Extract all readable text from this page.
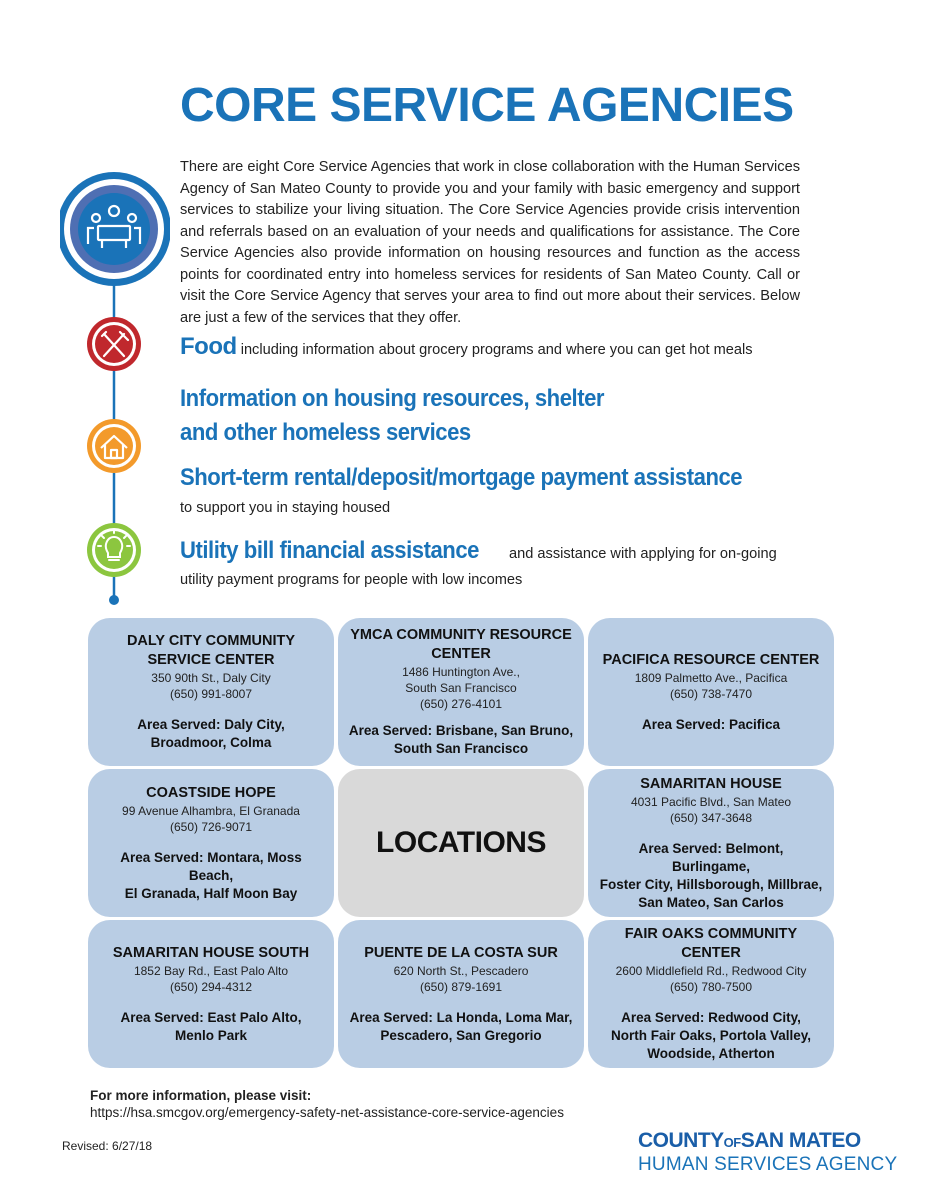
CORE SERVICE AGENCIES

There are eight Core Service Agencies that work in close collaboration with the Human Services Agency of San Mateo County to provide you and your family with basic emergency and support services to stabilize your living situation. The Core Service Agencies provide crisis intervention and referrals based on an evaluation of your needs and qualifications for assistance. The Core Service Agencies also provide information on housing resources and function as the access points for coordinated entry into homeless services for residents of San Mateo County. Call or visit the Core Service Agency that serves your area to find out more about their services. Below are just a few of the services that they offer.

Food including information about grocery programs and where you can get hot meals

Information on housing resources, shelter
and other homeless services

Short-term rental/deposit/mortgage payment assistance

to support you in staying housed

Utility bill financial assistance and assistance with applying for on-going

utility payment programs for people with low incomes

DALY CITY COMMUNITY
SERVICE CENTER
350 90th St., Daly City
(650) 991-8007
Area Served: Daly City,
Broadmoor, Colma
YMCA COMMUNITY RESOURCE
CENTER
1486 Huntington Ave.,
South San Francisco
(650) 276-4101
Area Served: Brisbane, San Bruno,
South San Francisco
PACIFICA RESOURCE CENTER
1809 Palmetto Ave., Pacifica
(650) 738-7470
Area Served: Pacifica
COASTSIDE HOPE
99 Avenue Alhambra, El Granada
(650) 726-9071
Area Served: Montara, Moss Beach,
El Granada, Half Moon Bay
LOCATIONS
SAMARITAN HOUSE
4031 Pacific Blvd., San Mateo
(650) 347-3648
Area Served: Belmont, Burlingame,
Foster City, Hillsborough, Millbrae,
San Mateo, San Carlos
SAMARITAN HOUSE SOUTH
1852 Bay Rd., East Palo Alto
(650) 294-4312
Area Served: East Palo Alto,
Menlo Park
PUENTE DE LA COSTA SUR
620 North St., Pescadero
(650) 879-1691
Area Served: La Honda, Loma Mar,
Pescadero, San Gregorio
FAIR OAKS COMMUNITY CENTER
2600 Middlefield Rd., Redwood City
(650) 780-7500
Area Served: Redwood City,
North Fair Oaks, Portola Valley,
Woodside, Atherton

For more information, please visit:

https://hsa.smcgov.org/emergency-safety-net-assistance-core-service-agencies

Revised: 6/27/18	COUNTYOFSAN MATEO
HUMAN SERVICES AGENCY
